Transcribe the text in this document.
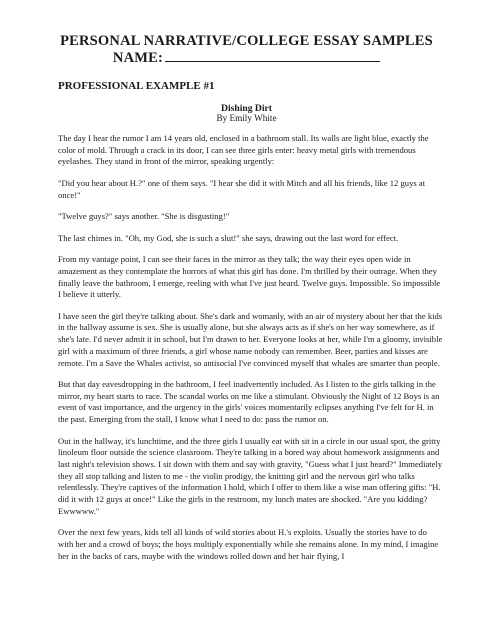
PERSONAL NARRATIVE/COLLEGE ESSAY SAMPLES
NAME:
PROFESSIONAL EXAMPLE #1
Dishing Dirt
By Emily White

The day I hear the rumor I am 14 years old, enclosed in a bathroom stall. Its walls are light blue, exactly the color of mold. Through a crack in its door, I can see three girls enter: heavy metal girls with tremendous eyelashes. They stand in front of the mirror, speaking urgently:

"Did you hear about H.?" one of them says. "I hear she did it with Mitch and all his friends, like 12 guys at once!"

"Twelve guys?" says another. "She is disgusting!"

The last chimes in. "Oh, my God, she is such a slut!" she says, drawing out the last word for effect.

From my vantage point, I can see their faces in the mirror as they talk; the way their eyes open wide in amazement as they contemplate the horrors of what this girl has done. I'm thrilled by their outrage. When they finally leave the bathroom, I emerge, reeling with what I've just heard. Twelve guys. Impossible. So impossible I believe it utterly.

I have seen the girl they're talking about. She's dark and womanly, with an air of mystery about her that the kids in the hallway assume is sex. She is usually alone, but she always acts as if she's on her way somewhere, as if she's late. I'd never admit it in school, but I'm drawn to her. Everyone looks at her, while I'm a gloomy, invisible girl with a maximum of three friends, a girl whose name nobody can remember. Beer, parties and kisses are remote. I'm a Save the Whales activist, so antisocial I've convinced myself that whales are smarter than people.

But that day eavesdropping in the bathroom, I feel inadvertently included. As I listen to the girls talking in the mirror, my heart starts to race. The scandal works on me like a stimulant. Obviously the Night of 12 Boys is an event of vast importance, and the urgency in the girls' voices momentarily eclipses anything I've felt for H. in the past. Emerging from the stall, I know what I need to do: pass the rumor on.

Out in the hallway, it's lunchtime, and the three girls I usually eat with sit in a circle in our usual spot, the gritty linoleum floor outside the science classroom. They're talking in a bored way about homework assignments and last night's television shows. I sit down with them and say with gravity, "Guess what I just heard?" Immediately they all stop talking and listen to me - the violin prodigy, the knitting girl and the nervous girl who talks relentlessly. They're captives of the information I hold, which I offer to them like a wise man offering gifts: "H. did it with 12 guys at once!" Like the girls in the restroom, my lunch mates are shocked. "Are you kidding? Ewwwww."

Over the next few years, kids tell all kinds of wild stories about H.'s exploits. Usually the stories have to do with her and a crowd of boys; the boys multiply exponentially while she remains alone. In my mind, I imagine her in the backs of cars, maybe with the windows rolled down and her hair flying, I
